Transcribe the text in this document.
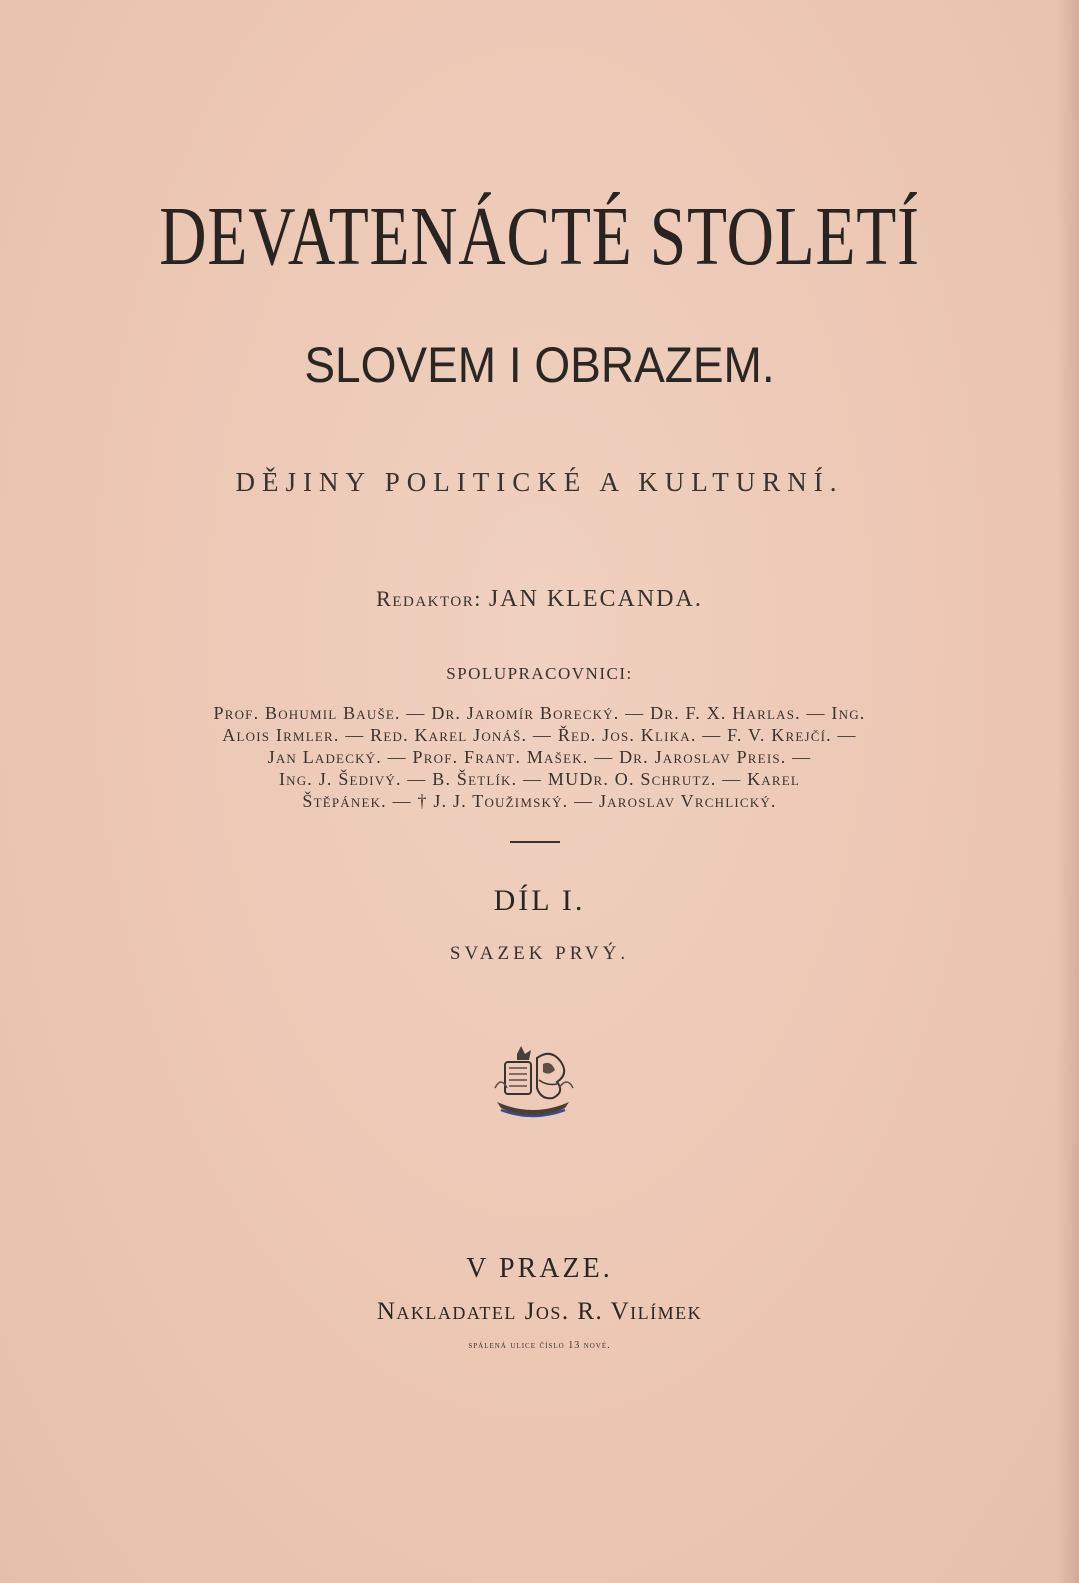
DEVATENÁCTÉ STOLETÍ
SLOVEM I OBRAZEM.
DĚJINY POLITICKÉ A KULTURNÍ.
Redaktor: JAN KLECANDA.
SPOLUPRACOVNICI:
Prof. Bohumil Bauše. — Dr. Jaromír Borecký. — Dr. F. X. Harlas. — Ing.
Alois Irmler. — Red. Karel Jonáš. — Řed. Jos. Klika. — F. V. Krejčí. —
Jan Ladecký. — Prof. Frant. Mašek. — Dr. Jaroslav Preis. —
Ing. J. Šedivý. — B. Šetlík. — MUDr. O. Schrutz. — Karel
Štěpánek. — † J. J. Toužimský. — Jaroslav Vrchlický.
DÍL I.
SVAZEK PRVÝ.
V PRAZE.
Nakladatel Jos. R. Vilímek
spálená ulice číslo 13 nové.
